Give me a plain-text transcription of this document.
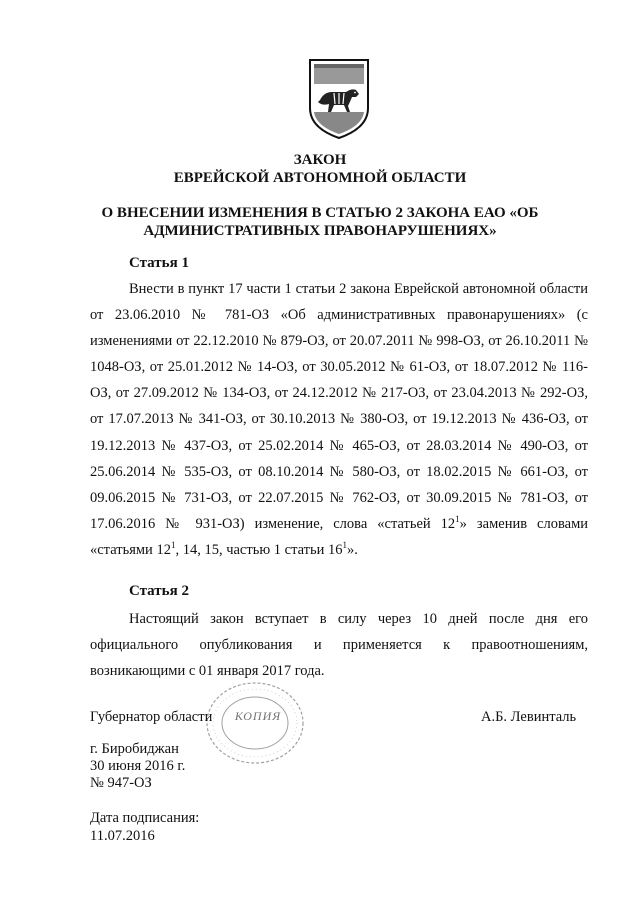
ЗАКОН

ЕВРЕЙСКОЙ АВТОНОМНОЙ ОБЛАСТИ

О ВНЕСЕНИИ ИЗМЕНЕНИЯ В СТАТЬЮ 2 ЗАКОНА ЕАО «ОБ

АДМИНИСТРАТИВНЫХ ПРАВОНАРУШЕНИЯХ»

Статья 1

Внести в пункт 17 части 1 статьи 2 закона Еврейской автономной области от 23.06.2010 № 781-ОЗ «Об административных правонарушениях» (с изменениями от 22.12.2010 № 879-ОЗ, от 20.07.2011 № 998-ОЗ, от 26.10.2011 № 1048-ОЗ, от 25.01.2012 № 14-ОЗ, от 30.05.2012 № 61-ОЗ, от 18.07.2012 № 116-ОЗ, от 27.09.2012 № 134-ОЗ, от 24.12.2012 № 217-ОЗ, от 23.04.2013 № 292-ОЗ, от 17.07.2013 № 341-ОЗ, от 30.10.2013 № 380-ОЗ, от 19.12.2013 № 436-ОЗ, от 19.12.2013 № 437-ОЗ, от 25.02.2014 № 465-ОЗ, от 28.03.2014 № 490-ОЗ, от 25.06.2014 № 535-ОЗ, от 08.10.2014 № 580-ОЗ, от 18.02.2015 № 661-ОЗ, от 09.06.2015 № 731-ОЗ, от 22.07.2015 № 762-ОЗ, от 30.09.2015 № 781-ОЗ, от 17.06.2016 № 931-ОЗ) изменение, слова «статьей $12^1$» заменив словами «статьями $12^1$, 14, 15, частью 1 статьи $16^1$».

Статья 2

Настоящий закон вступает в силу через 10 дней после дня его официального опубликования и применяется к правоотношениям, возникающими с 01 января 2017 года.

КОПИЯ

Губернатор области	А.Б. Левинталь

г. Биробиджан

30 июня 2016 г.

№ 947-ОЗ

Дата подписания:

11.07.2016
